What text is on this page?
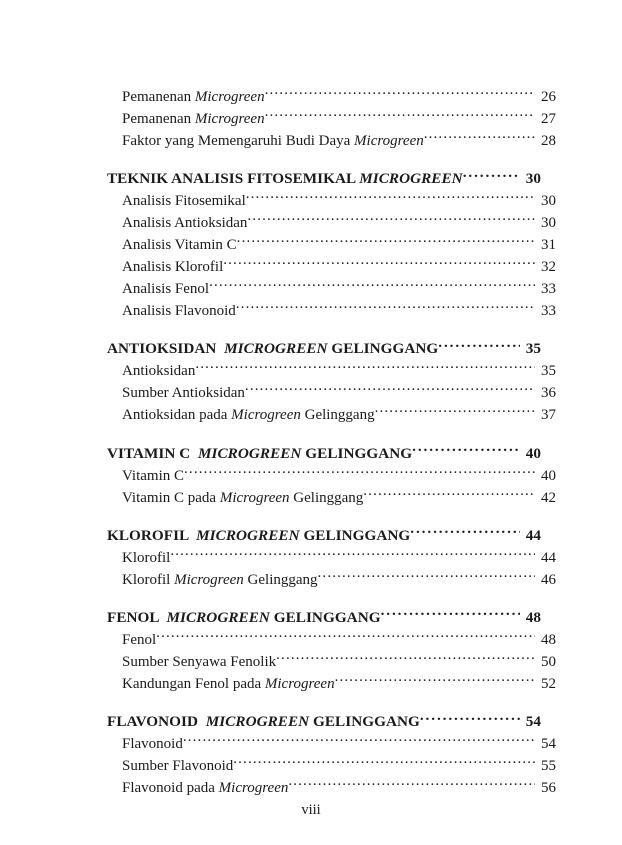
Pemanenan Microgreen .....	26
Pemanenan Microgreen .....	27
Faktor yang Memengaruhi Budi Daya Microgreen .....	28
TEKNIK ANALISIS FITOSEMIKAL MICROGREEN .....	30
Analisis Fitosemikal .....	30
Analisis Antioksidan .....	30
Analisis Vitamin C .....	31
Analisis Klorofil .....	32
Analisis Fenol .....	33
Analisis Flavonoid .....	33
ANTIOKSIDAN  MICROGREEN GELINGGANG .....	35
Antioksidan .....	35
Sumber Antioksidan .....	36
Antioksidan pada Microgreen Gelinggang .....	37
VITAMIN C  MICROGREEN GELINGGANG .....	40
Vitamin C .....	40
Vitamin C pada Microgreen Gelinggang .....	42
KLOROFIL  MICROGREEN GELINGGANG .....	44
Klorofil .....	44
Klorofil Microgreen Gelinggang .....	46
FENOL  MICROGREEN GELINGGANG .....	48
Fenol .....	48
Sumber Senyawa Fenolik .....	50
Kandungan Fenol pada Microgreen .....	52
FLAVONOID  MICROGREEN GELINGGANG .....	54
Flavonoid .....	54
Sumber Flavonoid .....	55
Flavonoid pada Microgreen .....	56
viii
